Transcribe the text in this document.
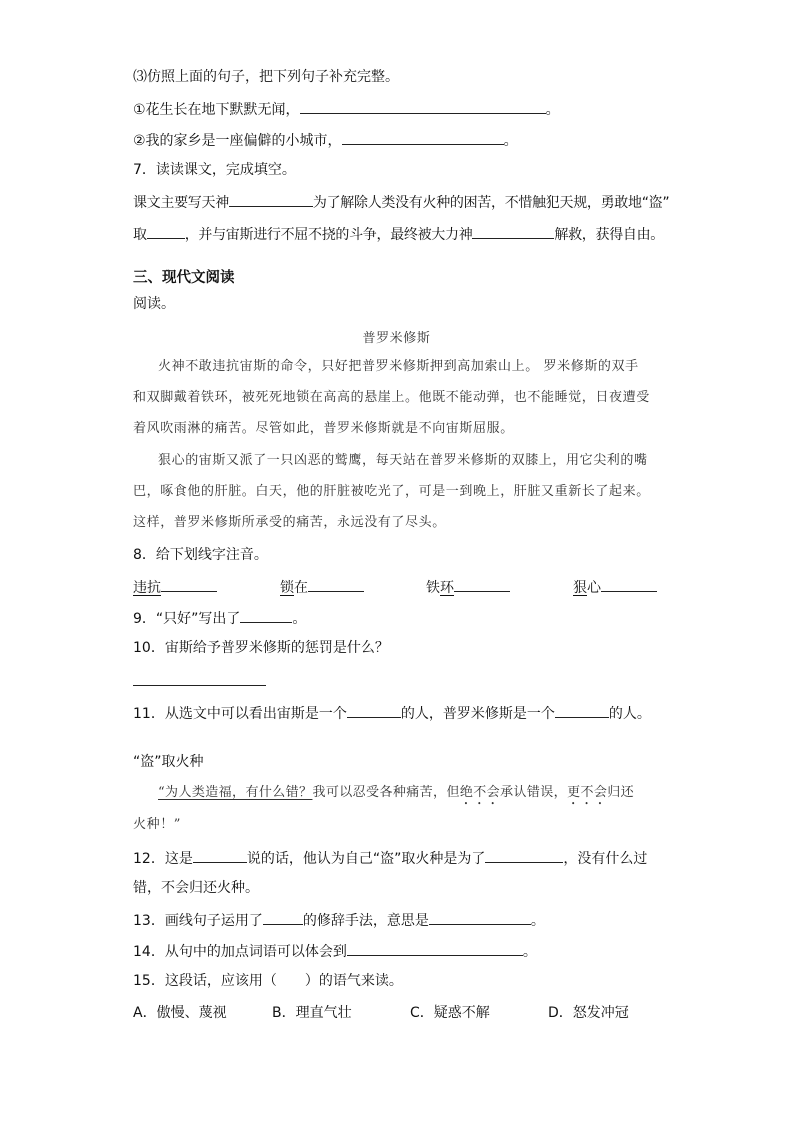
⑶仿照上面的句子，把下列句子补充完整。
①花生长在地下默默无闻，	。
②我的家乡是一座偏僻的小城市，	。
7．读读课文，完成填空。
课文主要写天神	为了解除人类没有火种的困苦，不惜触犯天规，勇敢地“盗”
取	，并与宙斯进行不屈不挠的斗争，最终被大力神	解救，获得自由。
三、现代文阅读
阅读。
普罗米修斯
火神不敢违抗宙斯的命令，只好把普罗米修斯押到高加索山上。 罗米修斯的双手
和双脚戴着铁环，被死死地锁在高高的悬崖上。他既不能动弹，也不能睡觉，日夜遭受
着风吹雨淋的痛苦。尽管如此，普罗米修斯就是不向宙斯屈服。
狠心的宙斯又派了一只凶恶的鹫鹰，每天站在普罗米修斯的双膝上，用它尖利的嘴
巴，啄食他的肝脏。白天，他的肝脏被吃光了，可是一到晚上，肝脏又重新长了起来。
这样，普罗米修斯所承受的痛苦，永远没有了尽头。
8．给下划线字注音。
违抗	锁在	铁环	狠心
9．“只好”写出了	。
10．宙斯给予普罗米修斯的惩罚是什么？
11．从选文中可以看出宙斯是一个	的人，普罗米修斯是一个	的人。
“盗”取火种
“为人类造福，有什么错？我可以忍受各种痛苦，但绝不会承认错误，更不会归还
火种！”
12．这是	说的话，他认为自己“盗”取火种是为了	，没有什么过
错，不会归还火种。
13．画线句子运用了	的修辞手法，意思是	。
14．从句中的加点词语可以体会到	。
15．这段话，应该用（　　）的语气来读。
A．傲慢、蔑视	B．理直气壮	C．疑惑不解	D．怒发冲冠
